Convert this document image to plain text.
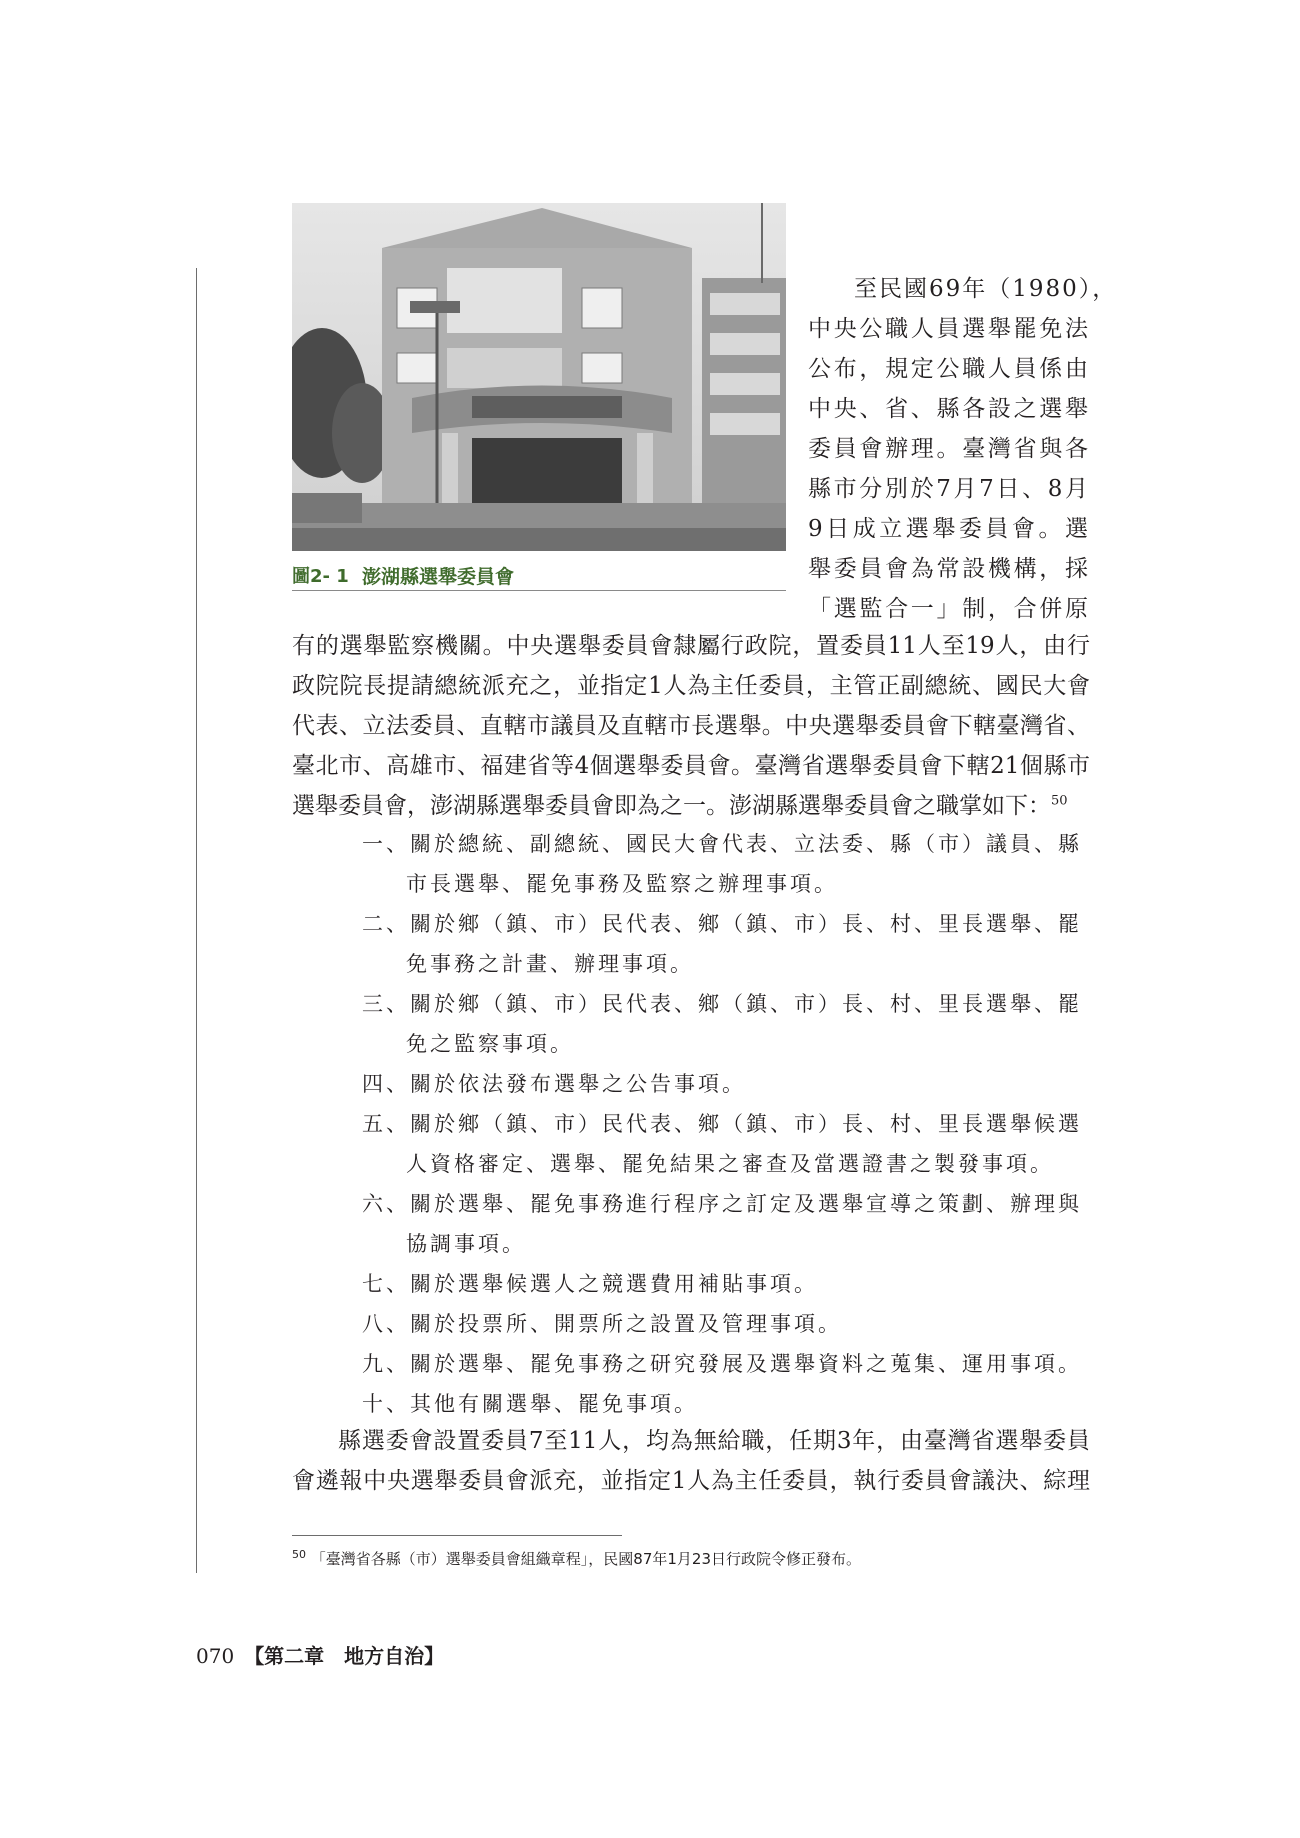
圖2- 1 澎湖縣選舉委員會
至民國69年（1980），
中央公職人員選舉罷免法
公布，規定公職人員係由
中央、省、縣各設之選舉
委員會辦理。臺灣省與各
縣市分別於7月7日、8月
9日成立選舉委員會。選
舉委員會為常設機構，採
「選監合一」制，合併原
有的選舉監察機關。中央選舉委員會隸屬行政院，置委員11人至19人，由行
政院院長提請總統派充之，並指定1人為主任委員，主管正副總統、國民大會
代表、立法委員、直轄市議員及直轄市長選舉。中央選舉委員會下轄臺灣省、
臺北市、高雄市、福建省等4個選舉委員會。臺灣省選舉委員會下轄21個縣市
選舉委員會，澎湖縣選舉委員會即為之一。澎湖縣選舉委員會之職掌如下：$^{50}$
一、關於總統、副總統、國民大會代表、立法委、縣（市）議員、縣
市長選舉、罷免事務及監察之辦理事項。
二、關於鄉（鎮、市）民代表、鄉（鎮、市）長、村、里長選舉、罷
免事務之計畫、辦理事項。
三、關於鄉（鎮、市）民代表、鄉（鎮、市）長、村、里長選舉、罷
免之監察事項。
四、關於依法發布選舉之公告事項。
五、關於鄉（鎮、市）民代表、鄉（鎮、市）長、村、里長選舉候選
人資格審定、選舉、罷免結果之審查及當選證書之製發事項。
六、關於選舉、罷免事務進行程序之訂定及選舉宣導之策劃、辦理與
協調事項。
七、關於選舉候選人之競選費用補貼事項。
八、關於投票所、開票所之設置及管理事項。
九、關於選舉、罷免事務之研究發展及選舉資料之蒐集、運用事項。
十、其他有關選舉、罷免事項。
縣選委會設置委員7至11人，均為無給職，任期3年，由臺灣省選舉委員
會遴報中央選舉委員會派充，並指定1人為主任委員，執行委員會議決、綜理
$^{50}$ 「臺灣省各縣（市）選舉委員會組織章程」，民國87年1月23日行政院令修正發布。
070 【第二章　地方自治】
